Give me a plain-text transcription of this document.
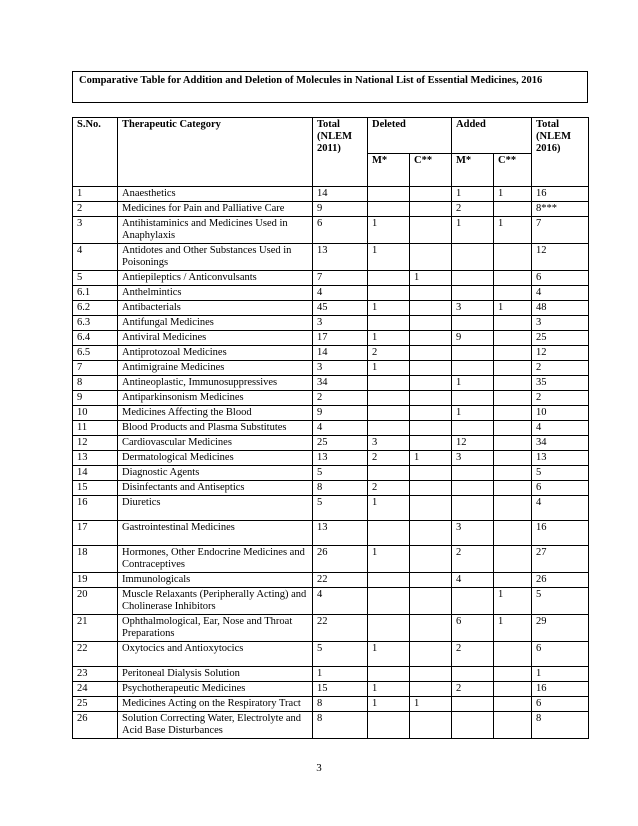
Comparative Table for Addition and Deletion of Molecules in National List of Essential Medicines, 2016
S.No.	Therapeutic Category	Total (NLEM 2011)	Deleted		Added		Total (NLEM 2016)
			M*	C**	M*	C**	
1	Anaesthetics	14			1	1	16
2	Medicines for Pain and Palliative Care	9			2		8***
3	Antihistaminics and Medicines Used in Anaphylaxis	6	1		1	1	7
4	Antidotes and Other Substances Used in Poisonings	13	1				12
5	Antiepileptics / Anticonvulsants	7		1			6
6.1	Anthelmintics	4					4
6.2	Antibacterials	45	1		3	1	48
6.3	Antifungal Medicines	3					3
6.4	Antiviral Medicines	17	1		9		25
6.5	Antiprotozoal Medicines	14	2				12
7	Antimigraine Medicines	3	1				2
8	Antineoplastic, Immunosuppressives	34			1		35
9	Antiparkinsonism Medicines	2					2
10	Medicines Affecting the Blood	9			1		10
11	Blood Products and Plasma Substitutes	4					4
12	Cardiovascular Medicines	25	3		12		34
13	Dermatological Medicines	13	2	1	3		13
14	Diagnostic Agents	5					5
15	Disinfectants and Antiseptics	8	2				6
16	Diuretics	5	1				4
17	Gastrointestinal Medicines	13			3		16
18	Hormones, Other Endocrine Medicines and Contraceptives	26	1		2		27
19	Immunologicals	22			4		26
20	Muscle Relaxants (Peripherally Acting) and Cholinerase Inhibitors	4				1	5
21	Ophthalmological, Ear, Nose and Throat Preparations	22			6	1	29
22	Oxytocics and Antioxytocics	5	1		2		6
23	Peritoneal Dialysis Solution	1					1
24	Psychotherapeutic Medicines	15	1		2		16
25	Medicines Acting on the Respiratory Tract	8	1	1			6
26	Solution Correcting Water, Electrolyte and Acid Base Disturbances	8					8
3
